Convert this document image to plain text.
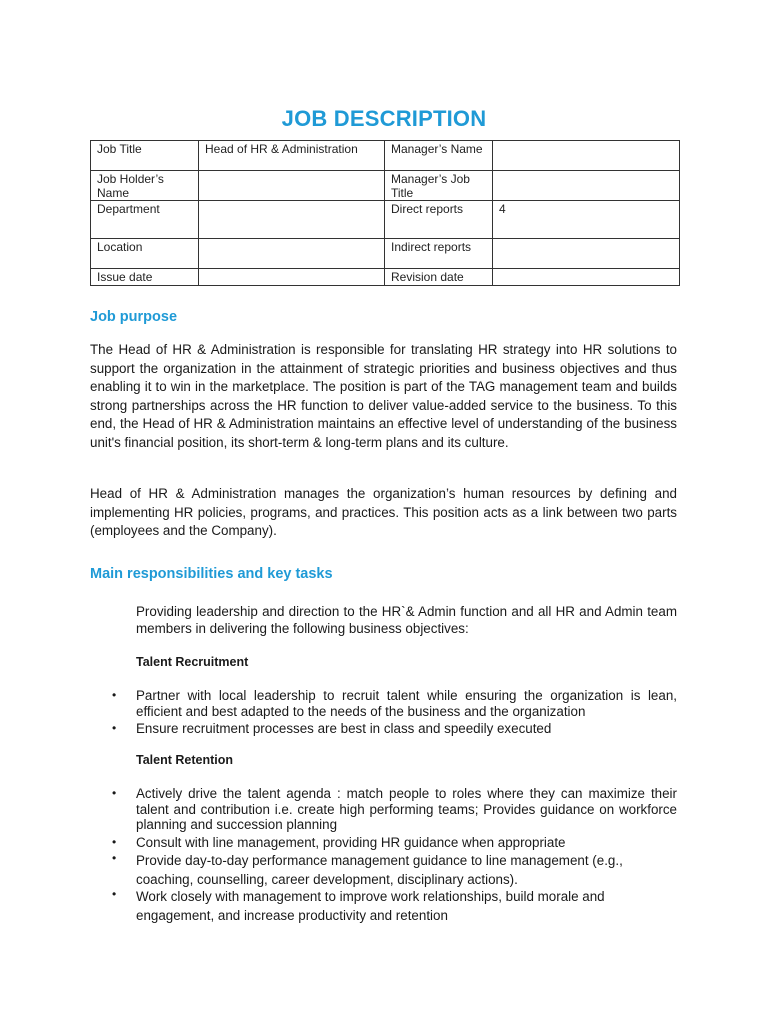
JOB DESCRIPTION
Job Title	Head of HR & Administration	Manager’s Name	
Job Holder’s Name		Manager’s Job Title	
Department		Direct reports	4
Location		Indirect reports	
Issue date		Revision date	
Job purpose
The Head of HR & Administration is responsible for translating HR strategy into HR solutions to support the organization in the attainment of strategic priorities and business objectives and thus enabling it to win in the marketplace. The position is part of the TAG management team and builds strong partnerships across the HR function to deliver value-added service to the business. To this end, the Head of HR & Administration maintains an effective level of understanding of the business unit's financial position, its short-term & long-term plans and its culture.
Head of HR & Administration manages the organization’s human resources by defining and implementing HR policies, programs, and practices. This position acts as a link between two parts (employees and the Company).
Main responsibilities and key tasks
Providing leadership and direction to the HR`& Admin function and all HR and Admin team members in delivering the following business objectives:
Talent Recruitment
• Partner with local leadership to recruit talent while ensuring the organization is lean, efficient and best adapted to the needs of the business and the organization
• Ensure recruitment processes are best in class and speedily executed
Talent Retention
• Actively drive the talent agenda : match people to roles where they can maximize their talent and contribution i.e. create high performing teams; Provides guidance on workforce planning and succession planning
• Consult with line management, providing HR guidance when appropriate
• Provide day-to-day performance management guidance to line management (e.g., coaching, counselling, career development, disciplinary actions).
• Work closely with management to improve work relationships, build morale and engagement, and increase productivity and retention
